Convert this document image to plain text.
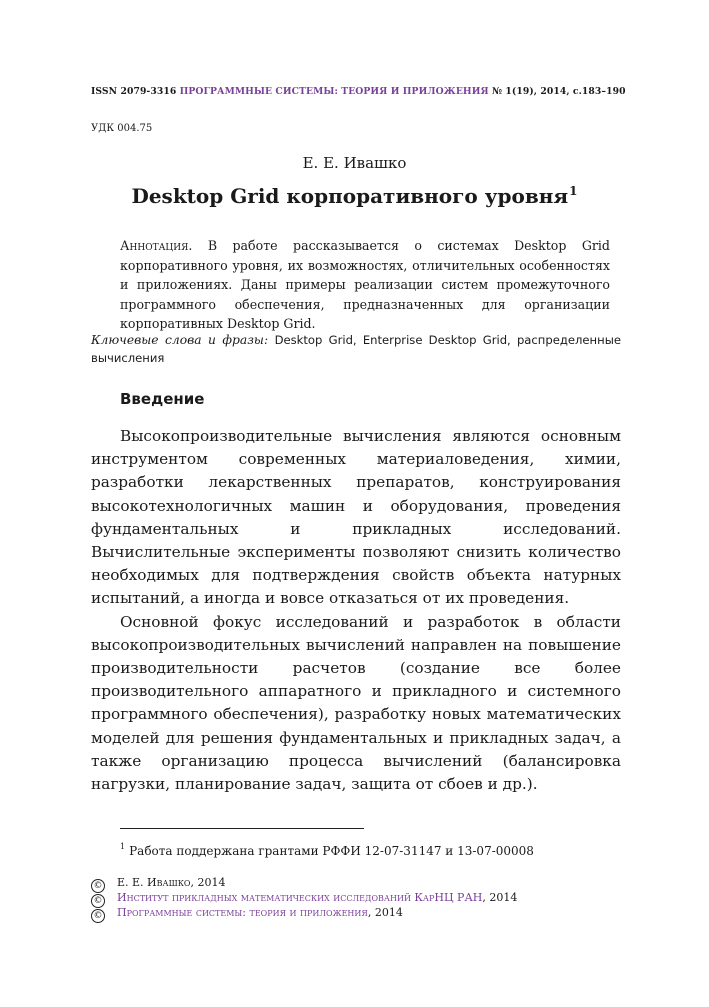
ISSN 2079-3316 ПРОГРАММНЫЕ СИСТЕМЫ: ТЕОРИЯ И ПРИЛОЖЕНИЯ № 1(19), 2014, с.183–190
УДК 004.75
Е. Е. Ивашко
Desktop Grid корпоративного уровня$^1$
Аннотация. В работе рассказывается о системах Desktop Grid корпоративного уровня, их возможностях, отличительных особенностях и приложениях. Даны примеры реализации систем промежуточного программного обеспечения, предназначенных для организации корпоративных Desktop Grid.
Ключевые слова и фразы: Desktop Grid, Enterprise Desktop Grid, распределенные вычисления
Введение

Высокопроизводительные вычисления являются основным инструментом современных материаловедения, химии, разработки лекарственных препаратов, конструирования высокотехнологичных машин и оборудования, проведения фундаментальных и прикладных исследований. Вычислительные эксперименты позволяют снизить количество необходимых для подтверждения свойств объекта натурных испытаний, а иногда и вовсе отказаться от их проведения.

Основной фокус исследований и разработок в области высокопроизводительных вычислений направлен на повышение производительности расчетов (создание все более производительного аппаратного и прикладного и системного программного обеспечения), разработку новых математических моделей для решения фундаментальных и прикладных задач, а также организацию процесса вычислений (балансировка нагрузки, планирование задач, защита от сбоев и др.).

$^1$ Работа поддержана грантами РФФИ 12-07-31147 и 13-07-00008
© Е. Е. Ивашко, 2014
© Институт прикладных математических исследований КарНЦ РАН, 2014
© Программные системы: теория и приложения, 2014
